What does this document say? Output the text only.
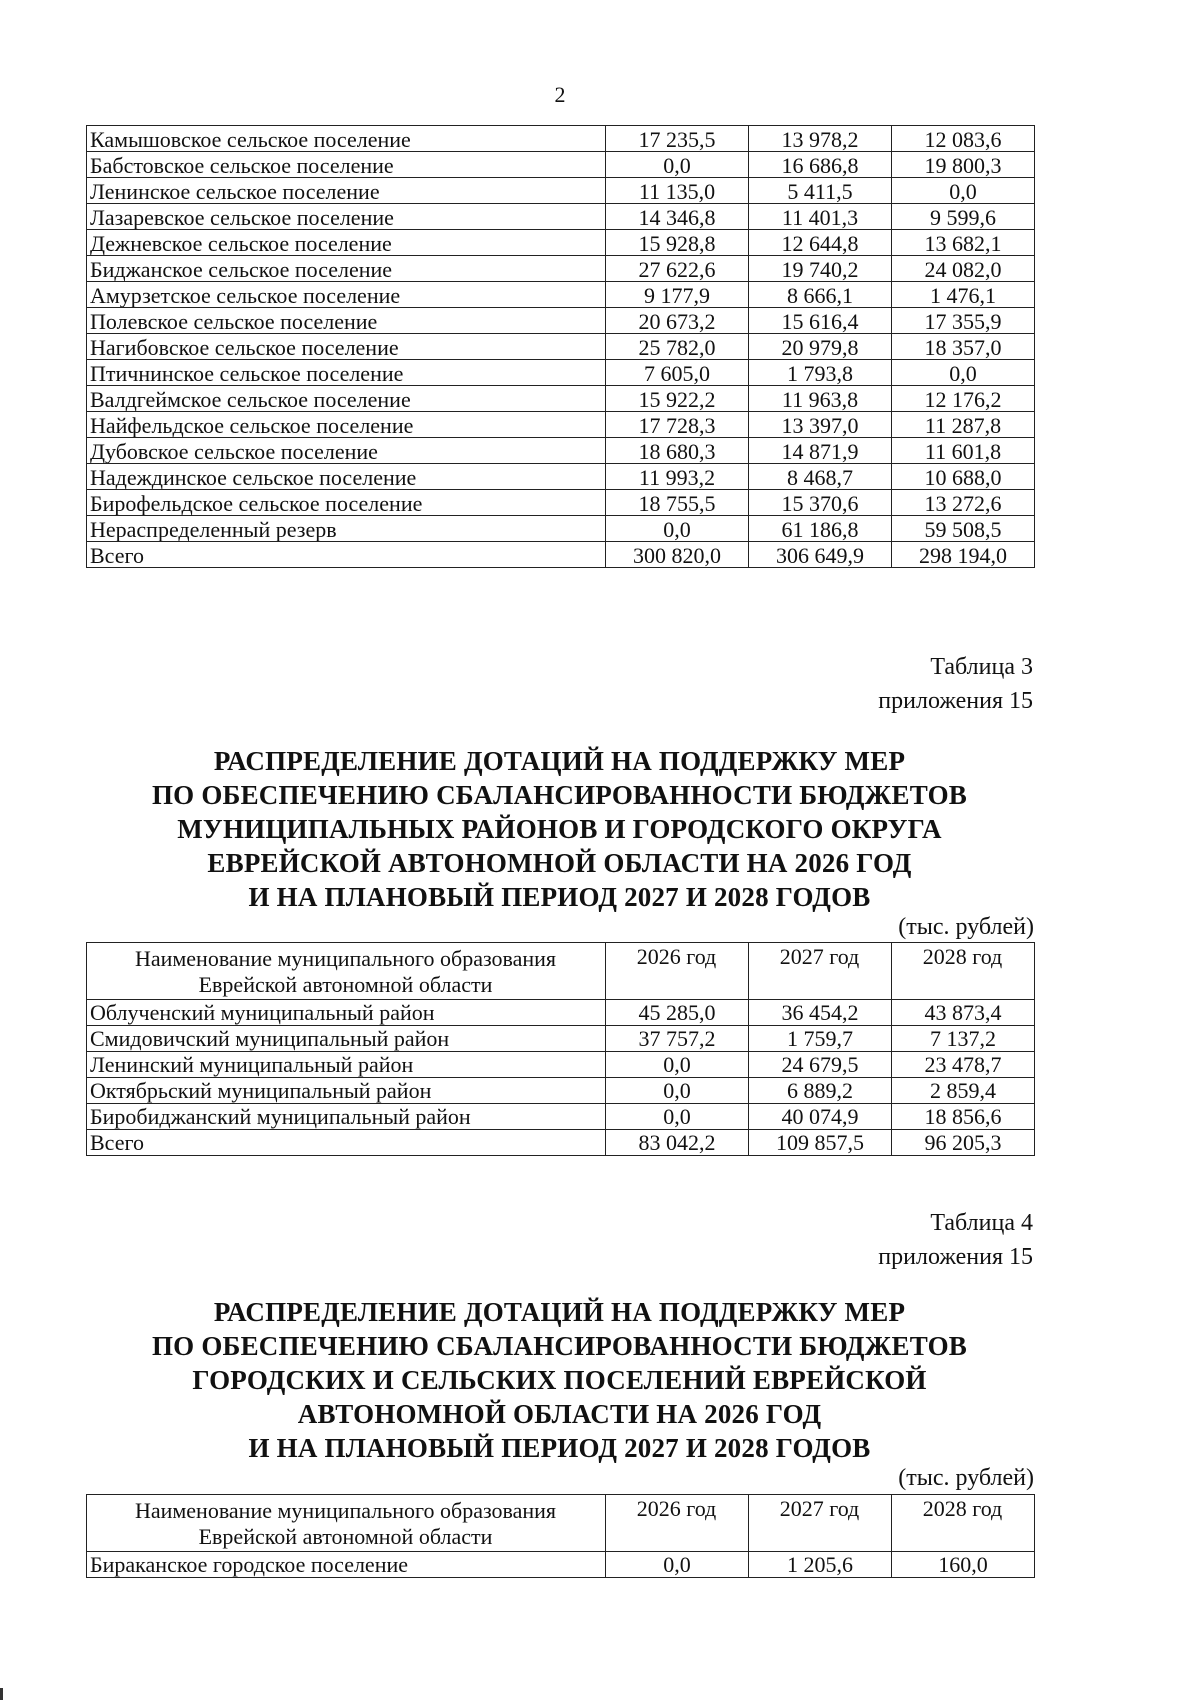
2
Камышовское сельское поселение	17 235,5	13 978,2	12 083,6
Бабстовское сельское поселение	0,0	16 686,8	19 800,3
Ленинское сельское поселение	11 135,0	5 411,5	0,0
Лазаревское сельское поселение	14 346,8	11 401,3	9 599,6
Дежневское сельское поселение	15 928,8	12 644,8	13 682,1
Биджанское сельское поселение	27 622,6	19 740,2	24 082,0
Амурзетское сельское поселение	9 177,9	8 666,1	1 476,1
Полевское сельское поселение	20 673,2	15 616,4	17 355,9
Нагибовское сельское поселение	25 782,0	20 979,8	18 357,0
Птичнинское сельское поселение	7 605,0	1 793,8	0,0
Валдгеймское сельское поселение	15 922,2	11 963,8	12 176,2
Найфельдское сельское поселение	17 728,3	13 397,0	11 287,8
Дубовское сельское поселение	18 680,3	14 871,9	11 601,8
Надеждинское сельское поселение	11 993,2	8 468,7	10 688,0
Бирофельдское сельское поселение	18 755,5	15 370,6	13 272,6
Нераспределенный резерв	0,0	61 186,8	59 508,5
Всего	300 820,0	306 649,9	298 194,0
Таблица 3
приложения 15
РАСПРЕДЕЛЕНИЕ ДОТАЦИЙ НА ПОДДЕРЖКУ МЕР
ПО ОБЕСПЕЧЕНИЮ СБАЛАНСИРОВАННОСТИ БЮДЖЕТОВ
МУНИЦИПАЛЬНЫХ РАЙОНОВ И ГОРОДСКОГО ОКРУГА
ЕВРЕЙСКОЙ АВТОНОМНОЙ ОБЛАСТИ НА 2026 ГОД
И НА ПЛАНОВЫЙ ПЕРИОД 2027 И 2028 ГОДОВ
(тыс. рублей)
Наименование муниципального образования
Еврейской автономной области	2026 год	2027 год	2028 год
Облученский муниципальный район	45 285,0	36 454,2	43 873,4
Смидовичский муниципальный район	37 757,2	1 759,7	7 137,2
Ленинский муниципальный район	0,0	24 679,5	23 478,7
Октябрьский муниципальный район	0,0	6 889,2	2 859,4
Биробиджанский муниципальный район	0,0	40 074,9	18 856,6
Всего	83 042,2	109 857,5	96 205,3
Таблица 4
приложения 15
РАСПРЕДЕЛЕНИЕ ДОТАЦИЙ НА ПОДДЕРЖКУ МЕР
ПО ОБЕСПЕЧЕНИЮ СБАЛАНСИРОВАННОСТИ БЮДЖЕТОВ
ГОРОДСКИХ И СЕЛЬСКИХ ПОСЕЛЕНИЙ ЕВРЕЙСКОЙ
АВТОНОМНОЙ ОБЛАСТИ НА 2026 ГОД
И НА ПЛАНОВЫЙ ПЕРИОД 2027 И 2028 ГОДОВ
(тыс. рублей)
Наименование муниципального образования
Еврейской автономной области	2026 год	2027 год	2028 год
Бираканское городское поселение	0,0	1 205,6	160,0
